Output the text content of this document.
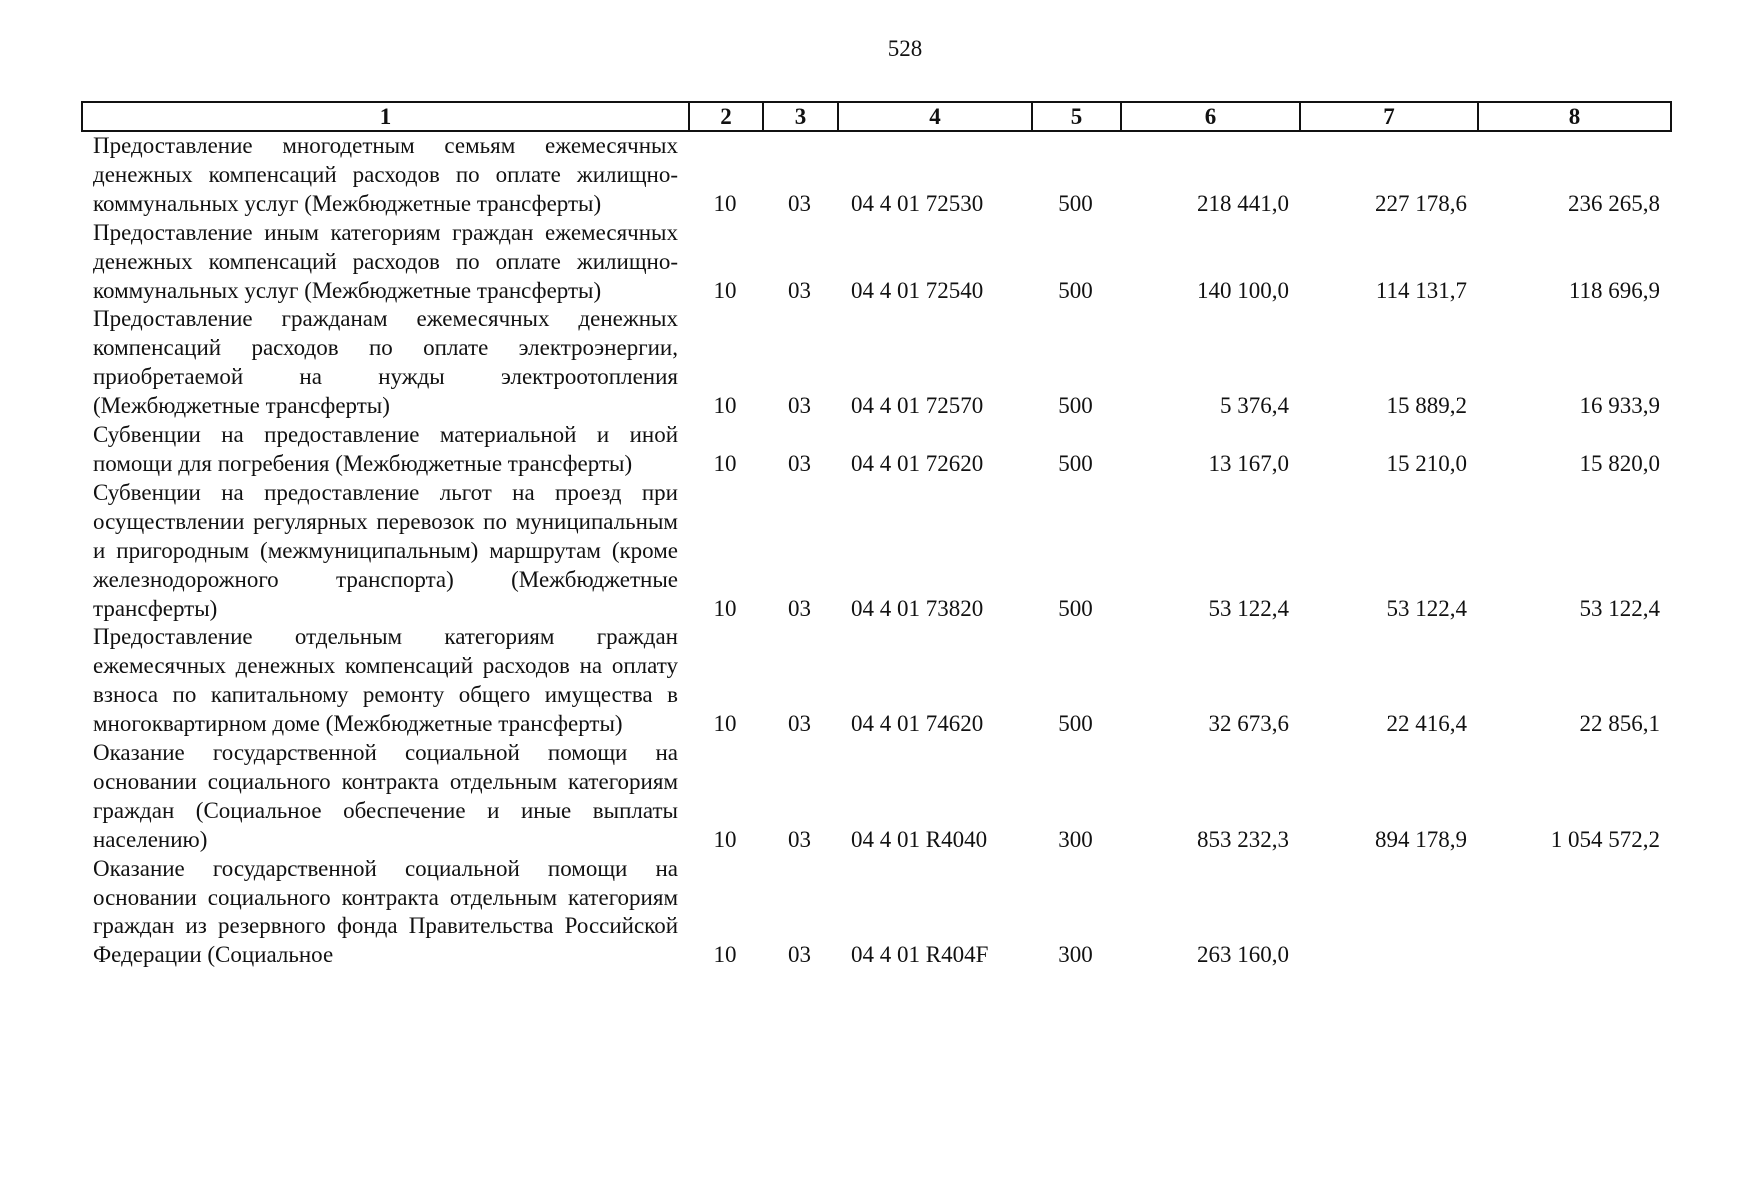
528
1	2	3	4	5	6	7	8
Предоставление многодетным семьям ежемесячных денежных компенсаций расходов по оплате жилищно-коммунальных услуг (Межбюджетные трансферты)	10	03	04 4 01 72530	500	218 441,0	227 178,6	236 265,8
Предоставление иным категориям граждан ежемесячных денежных компенсаций расходов по оплате жилищно-коммунальных услуг (Межбюджетные трансферты)	10	03	04 4 01 72540	500	140 100,0	114 131,7	118 696,9
Предоставление гражданам ежемесячных денежных компенсаций расходов по оплате электроэнергии, приобретаемой на нужды электроотопления (Межбюджетные трансферты)	10	03	04 4 01 72570	500	5 376,4	15 889,2	16 933,9
Субвенции на предоставление материальной и иной помощи для погребения (Межбюджетные трансферты)	10	03	04 4 01 72620	500	13 167,0	15 210,0	15 820,0
Субвенции на предоставление льгот на проезд при осуществлении регулярных перевозок по муниципальным и пригородным (межмуниципальным) маршрутам (кроме железнодорожного транспорта) (Межбюджетные трансферты)	10	03	04 4 01 73820	500	53 122,4	53 122,4	53 122,4
Предоставление отдельным категориям граждан ежемесячных денежных компенсаций расходов на оплату взноса по капитальному ремонту общего имущества в многоквартирном доме (Межбюджетные трансферты)	10	03	04 4 01 74620	500	32 673,6	22 416,4	22 856,1
Оказание государственной социальной помощи на основании социального контракта отдельным категориям граждан (Социальное обеспечение и иные выплаты населению)	10	03	04 4 01 R4040	300	853 232,3	894 178,9	1 054 572,2
Оказание государственной социальной помощи на основании социального контракта отдельным категориям граждан из резервного фонда Правительства Российской Федерации (Социальное	10	03	04 4 01 R404F	300	263 160,0		
